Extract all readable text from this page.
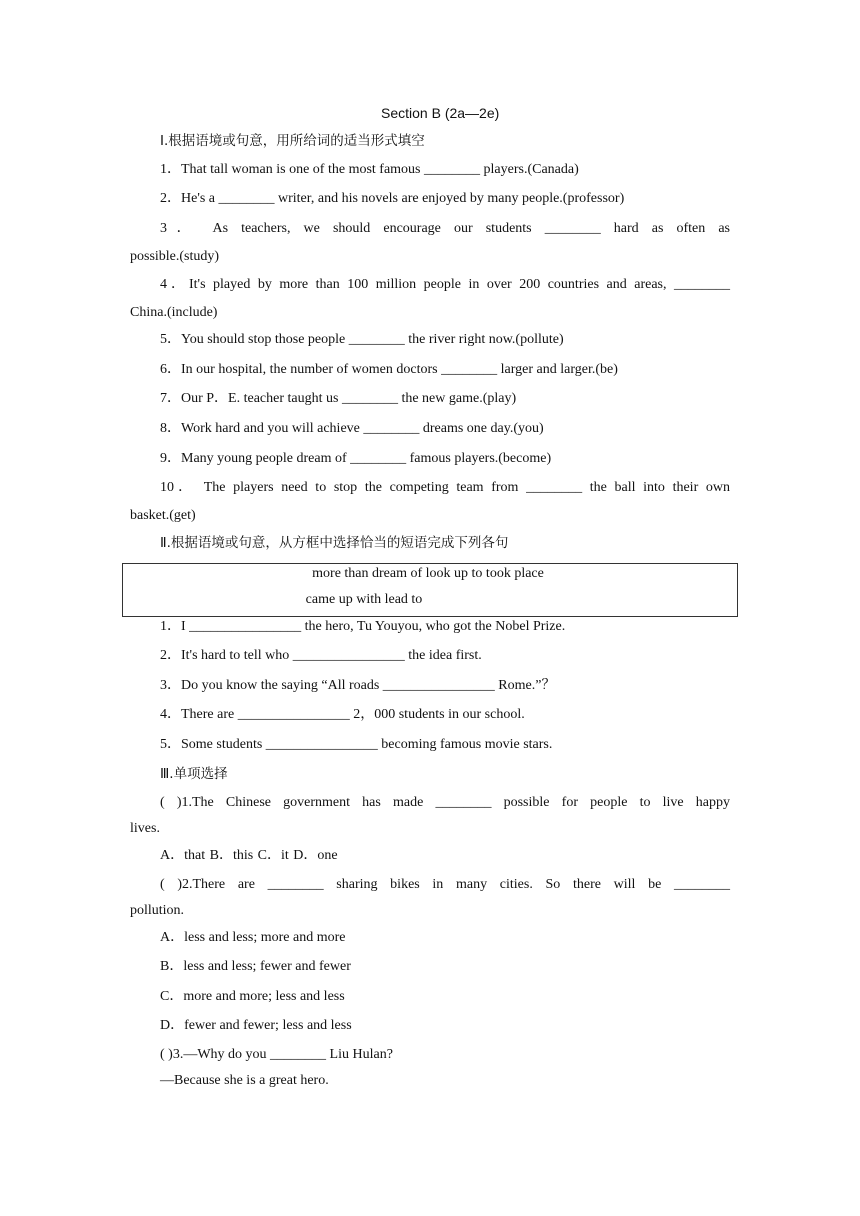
Section B (2a—2e)
Ⅰ.根据语境或句意，用所给词的适当形式填空
1．That tall woman is one of the most famous ________ players.(Canada)
2．He's a ________ writer, and his novels are enjoyed by many people.(professor)
3． As teachers, we should encourage our students ________ hard as often as
possible.(study)
4．It's played by more than 100 million people in over 200 countries and areas, ________
China.(include)
5．You should stop those people ________ the river right now.(pollute)
6．In our hospital, the number of women doctors ________ larger and larger.(be)
7．Our P．E. teacher taught us ________ the new game.(play)
8．Work hard and you will achieve ________ dreams one day.(you)
9．Many young people dream of ________ famous players.(become)
10． The players need to stop the competing team from ________ the ball into their own
basket.(get)
Ⅱ.根据语境或句意，从方框中选择恰当的短语完成下列各句
more than dream of look up to took place
came up with lead to
1．I ________________ the hero, Tu Youyou, who got the Nobel Prize.
2．It's hard to tell who ________________ the idea first.
3．Do you know the saying “All roads ________________ Rome.”？
4．There are ________________ 2，000 students in our school.
5．Some students ________________ becoming famous movie stars.
Ⅲ.单项选择
( )1.The Chinese government has made ________ possible for people to live happy
lives.
A．that B．this C．it D．one
( )2.There are ________ sharing bikes in many cities. So there will be ________
pollution.
A．less and less; more and more
B．less and less; fewer and fewer
C．more and more; less and less
D．fewer and fewer; less and less
( )3.—Why do you ________ Liu Hulan?
—Because she is a great hero.
